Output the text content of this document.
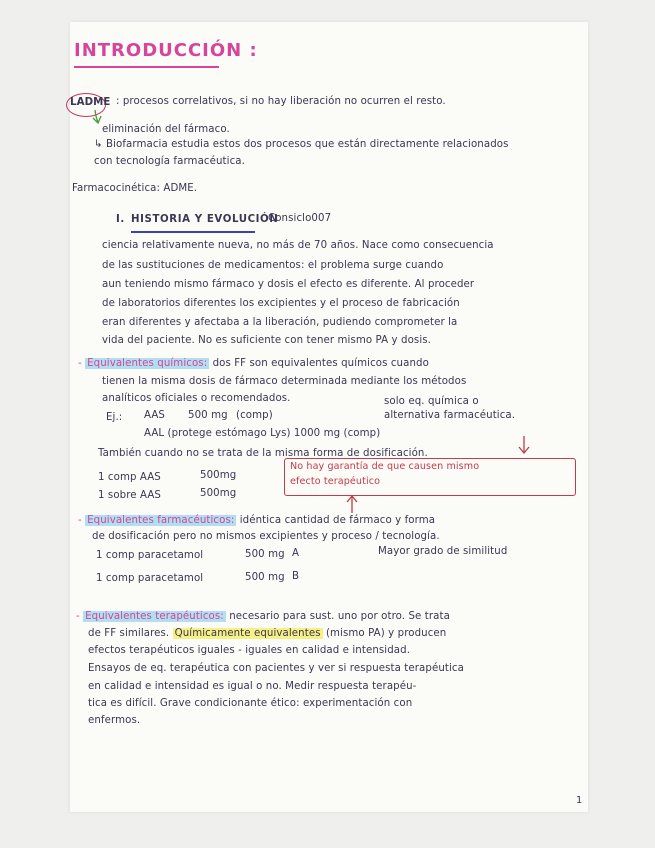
INTRODUCCIÓN :
LADME : procesos correlativos, si no hay liberación no ocurren el resto.
eliminación del fármaco.
↳ Biofarmacia estudia estos dos procesos que están directamente relacionados
con tecnología farmacéutica.
Farmacocinética: ADME.
I. HISTORIA Y EVOLUCIÓN
Consiclo007
ciencia relativamente nueva, no más de 70 años. Nace como consecuencia
de las sustituciones de medicamentos: el problema surge cuando
aun teniendo mismo fármaco y dosis el efecto es diferente. Al proceder
de laboratorios diferentes los excipientes y el proceso de fabricación
eran diferentes y afectaba a la liberación, pudiendo comprometer la
vida del paciente. No es suficiente con tener mismo PA y dosis.
- Equivalentes químicos: dos FF son equivalentes químicos cuando
tienen la misma dosis de fármaco determinada mediante los métodos
analíticos oficiales o recomendados.
Ej.: AAS 500 mg (comp)
solo eq. química o
alternativa farmacéutica.
AAL (protege estómago Lys) 1000 mg (comp)
También cuando no se trata de la misma forma de dosificación.
1 comp AAS	500mg
1 sobre AAS	500mg
No hay garantía de que causen mismo
efecto terapéutico
- Equivalentes farmacéuticos: idéntica cantidad de fármaco y forma
de dosificación pero no mismos excipientes y proceso / tecnología.
1 comp paracetamol	500 mg A	Mayor grado de similitud
1 comp paracetamol	500 mg B
- Equivalentes terapéuticos: necesario para sust. uno por otro. Se trata
de FF similares. Químicamente equivalentes (mismo PA) y producen
efectos terapéuticos iguales - iguales en calidad e intensidad.
Ensayos de eq. terapéutica con pacientes y ver si respuesta terapéutica
en calidad e intensidad es igual o no. Medir respuesta terapéu-
tica es difícil. Grave condicionante ético: experimentación con
enfermos.
1
